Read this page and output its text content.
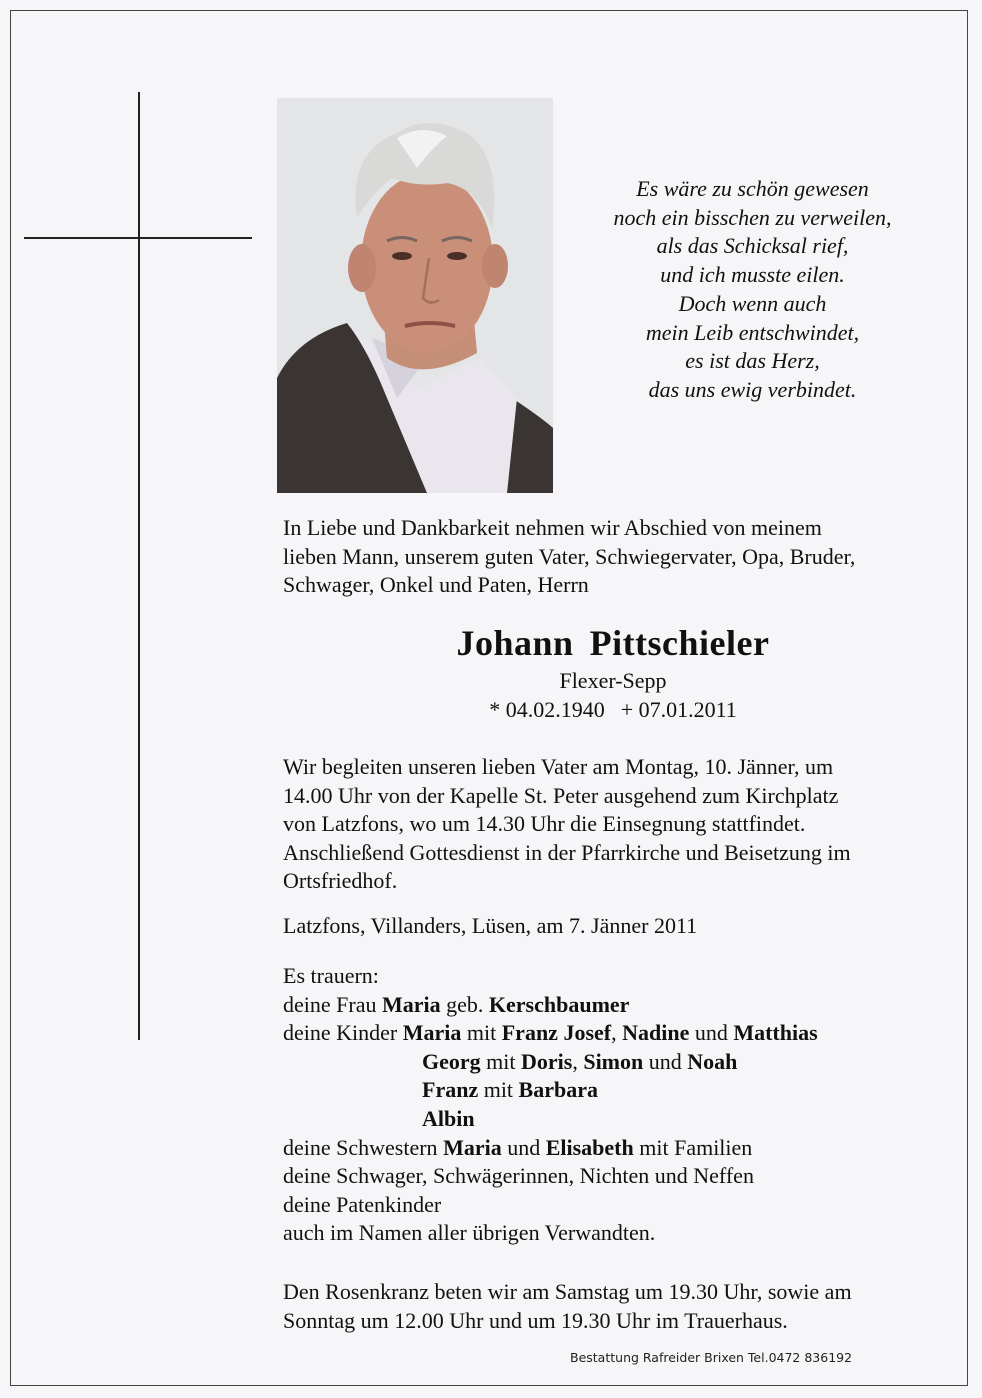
Es wäre zu schön gewesen
noch ein bisschen zu verweilen,
als das Schicksal rief,
und ich musste eilen.
Doch wenn auch
mein Leib entschwindet,
es ist das Herz,
das uns ewig verbindet.
In Liebe und Dankbarkeit nehmen wir Abschied von meinem
lieben Mann, unserem guten Vater, Schwiegervater, Opa, Bruder,
Schwager, Onkel und Paten, Herrn
Johann Pittschieler
Flexer-Sepp
* 04.02.1940 + 07.01.2011
Wir begleiten unseren lieben Vater am Montag, 10. Jänner, um
14.00 Uhr von der Kapelle St. Peter ausgehend zum Kirchplatz
von Latzfons, wo um 14.30 Uhr die Einsegnung stattfindet.
Anschließend Gottesdienst in der Pfarrkirche und Beisetzung im
Ortsfriedhof.
Latzfons, Villanders, Lüsen, am 7. Jänner 2011
Es trauern:
deine Frau Maria geb. Kerschbaumer
deine Kinder Maria mit Franz Josef, Nadine und Matthias
Georg mit Doris, Simon und Noah
Franz mit Barbara
Albin
deine Schwestern Maria und Elisabeth mit Familien
deine Schwager, Schwägerinnen, Nichten und Neffen
deine Patenkinder
auch im Namen aller übrigen Verwandten.
Den Rosenkranz beten wir am Samstag um 19.30 Uhr, sowie am
Sonntag um 12.00 Uhr und um 19.30 Uhr im Trauerhaus.
Bestattung Rafreider Brixen Tel.0472 836192
